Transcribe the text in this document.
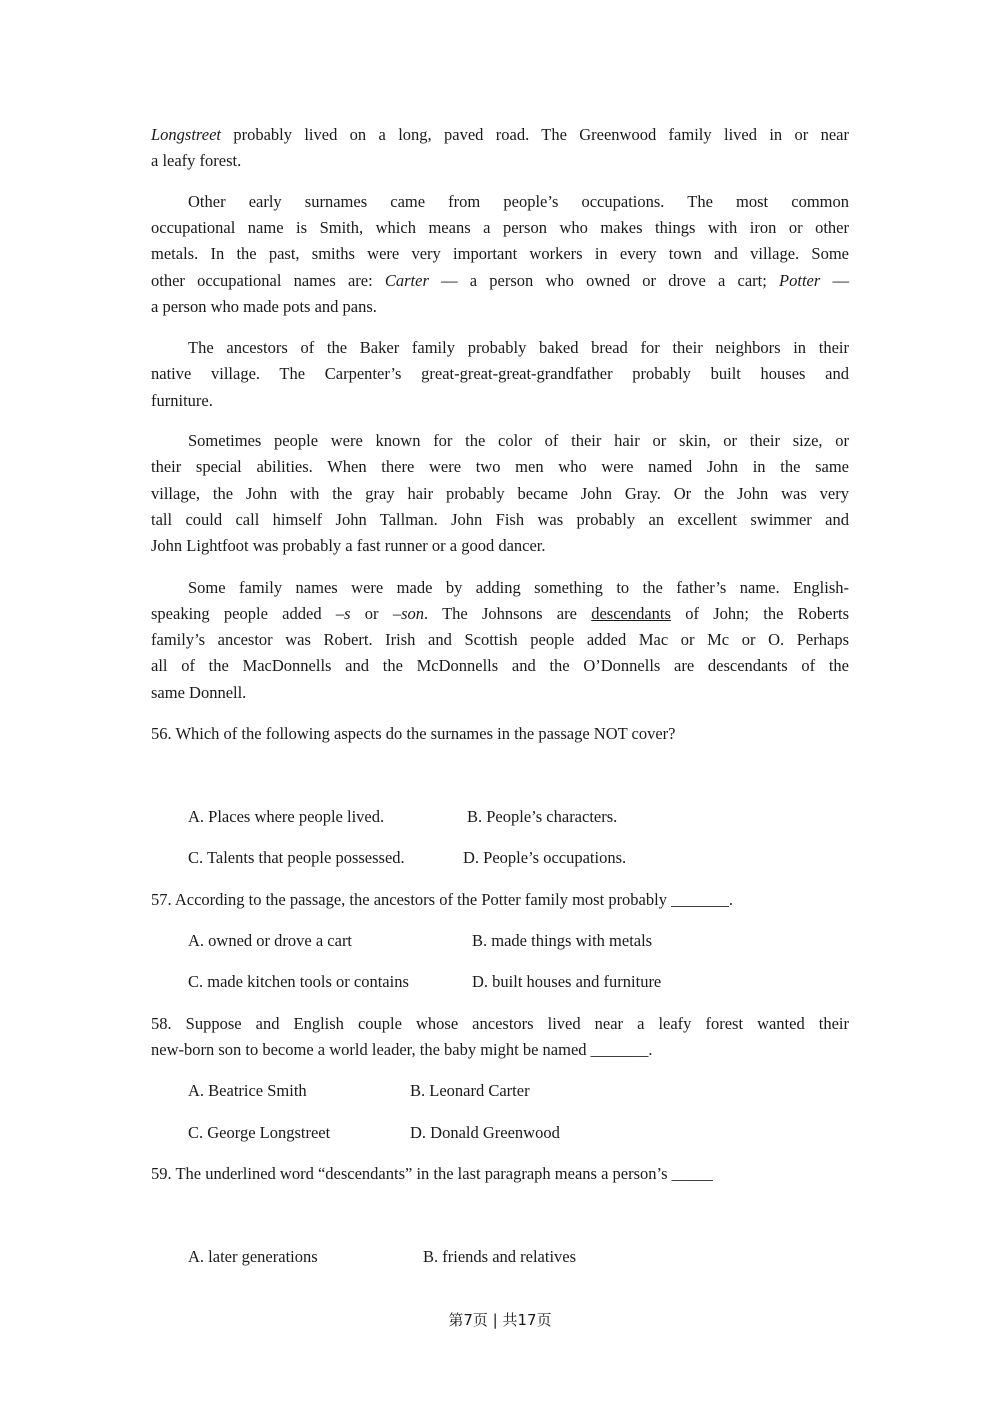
Longstreet probably lived on a long, paved road. The Greenwood family lived in or near
a leafy forest.
Other early surnames came from people’s occupations. The most common
occupational name is Smith, which means a person who makes things with iron or other
metals. In the past, smiths were very important workers in every town and village. Some
other occupational names are: Carter — a person who owned or drove a cart; Potter —
a person who made pots and pans.
The ancestors of the Baker family probably baked bread for their neighbors in their
native village. The Carpenter’s great-great-great-grandfather probably built houses and
furniture.
Sometimes people were known for the color of their hair or skin, or their size, or
their special abilities. When there were two men who were named John in the same
village, the John with the gray hair probably became John Gray. Or the John was very
tall could call himself John Tallman. John Fish was probably an excellent swimmer and
John Lightfoot was probably a fast runner or a good dancer.
Some family names were made by adding something to the father’s name. English-
speaking people added –s or –son. The Johnsons are descendants of John; the Roberts
family’s ancestor was Robert. Irish and Scottish people added Mac or Mc or O. Perhaps
all of the MacDonnells and the McDonnells and the O’Donnells are descendants of the
same Donnell.
56. Which of the following aspects do the surnames in the passage NOT cover?
A. Places where people lived.	B. People’s characters.
C. Talents that people possessed.	D. People’s occupations.
57. According to the passage, the ancestors of the Potter family most probably _______.
A. owned or drove a cart	B. made things with metals
C. made kitchen tools or contains	D. built houses and furniture
58. Suppose and English couple whose ancestors lived near a leafy forest wanted their
new-born son to become a world leader, the baby might be named _______.
A. Beatrice Smith	B. Leonard Carter
C. George Longstreet	D. Donald Greenwood
59. The underlined word “descendants” in the last paragraph means a person’s _____
A. later generations	B. friends and relatives
第7页 | 共17页
